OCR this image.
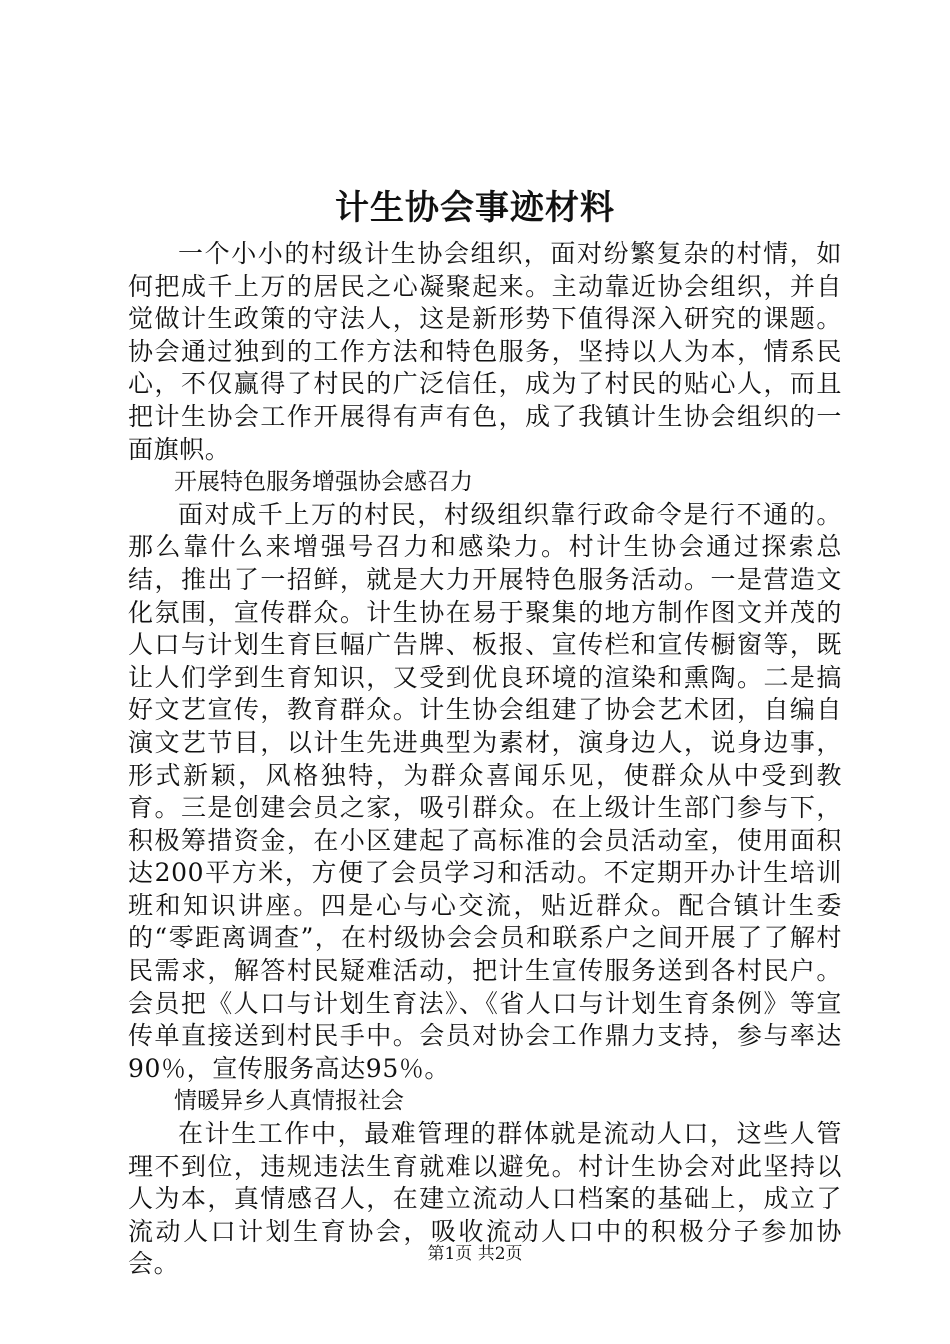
计生协会事迹材料

一个小小的村级计生协会组织，面对纷繁复杂的村情，如何把成千上万的居民之心凝聚起来。主动靠近协会组织，并自觉做计生政策的守法人，这是新形势下值得深入研究的课题。协会通过独到的工作方法和特色服务，坚持以人为本，情系民心，不仅赢得了村民的广泛信任，成为了村民的贴心人，而且把计生协会工作开展得有声有色，成了我镇计生协会组织的一面旗帜。

开展特色服务增强协会感召力

面对成千上万的村民，村级组织靠行政命令是行不通的。那么靠什么来增强号召力和感染力。村计生协会通过探索总结，推出了一招鲜，就是大力开展特色服务活动。一是营造文化氛围，宣传群众。计生协在易于聚集的地方制作图文并茂的人口与计划生育巨幅广告牌、板报、宣传栏和宣传橱窗等，既让人们学到生育知识，又受到优良环境的渲染和熏陶。二是搞好文艺宣传，教育群众。计生协会组建了协会艺术团，自编自演文艺节目，以计生先进典型为素材，演身边人，说身边事，形式新颖，风格独特，为群众喜闻乐见，使群众从中受到教育。三是创建会员之家，吸引群众。在上级计生部门参与下，积极筹措资金，在小区建起了高标准的会员活动室，使用面积达200平方米，方便了会员学习和活动。不定期开办计生培训班和知识讲座。四是心与心交流，贴近群众。配合镇计生委的“零距离调查”，在村级协会会员和联系户之间开展了了解村民需求，解答村民疑难活动，把计生宣传服务送到各村民户。会员把《人口与计划生育法》、《省人口与计划生育条例》等宣传单直接送到村民手中。会员对协会工作鼎力支持，参与率达90％，宣传服务高达95％。

情暖异乡人真情报社会

在计生工作中，最难管理的群体就是流动人口，这些人管理不到位，违规违法生育就难以避免。村计生协会对此坚持以人为本，真情感召人，在建立流动人口档案的基础上，成立了流动人口计划生育协会，吸收流动人口中的积极分子参加协会。	第1页 共2页
